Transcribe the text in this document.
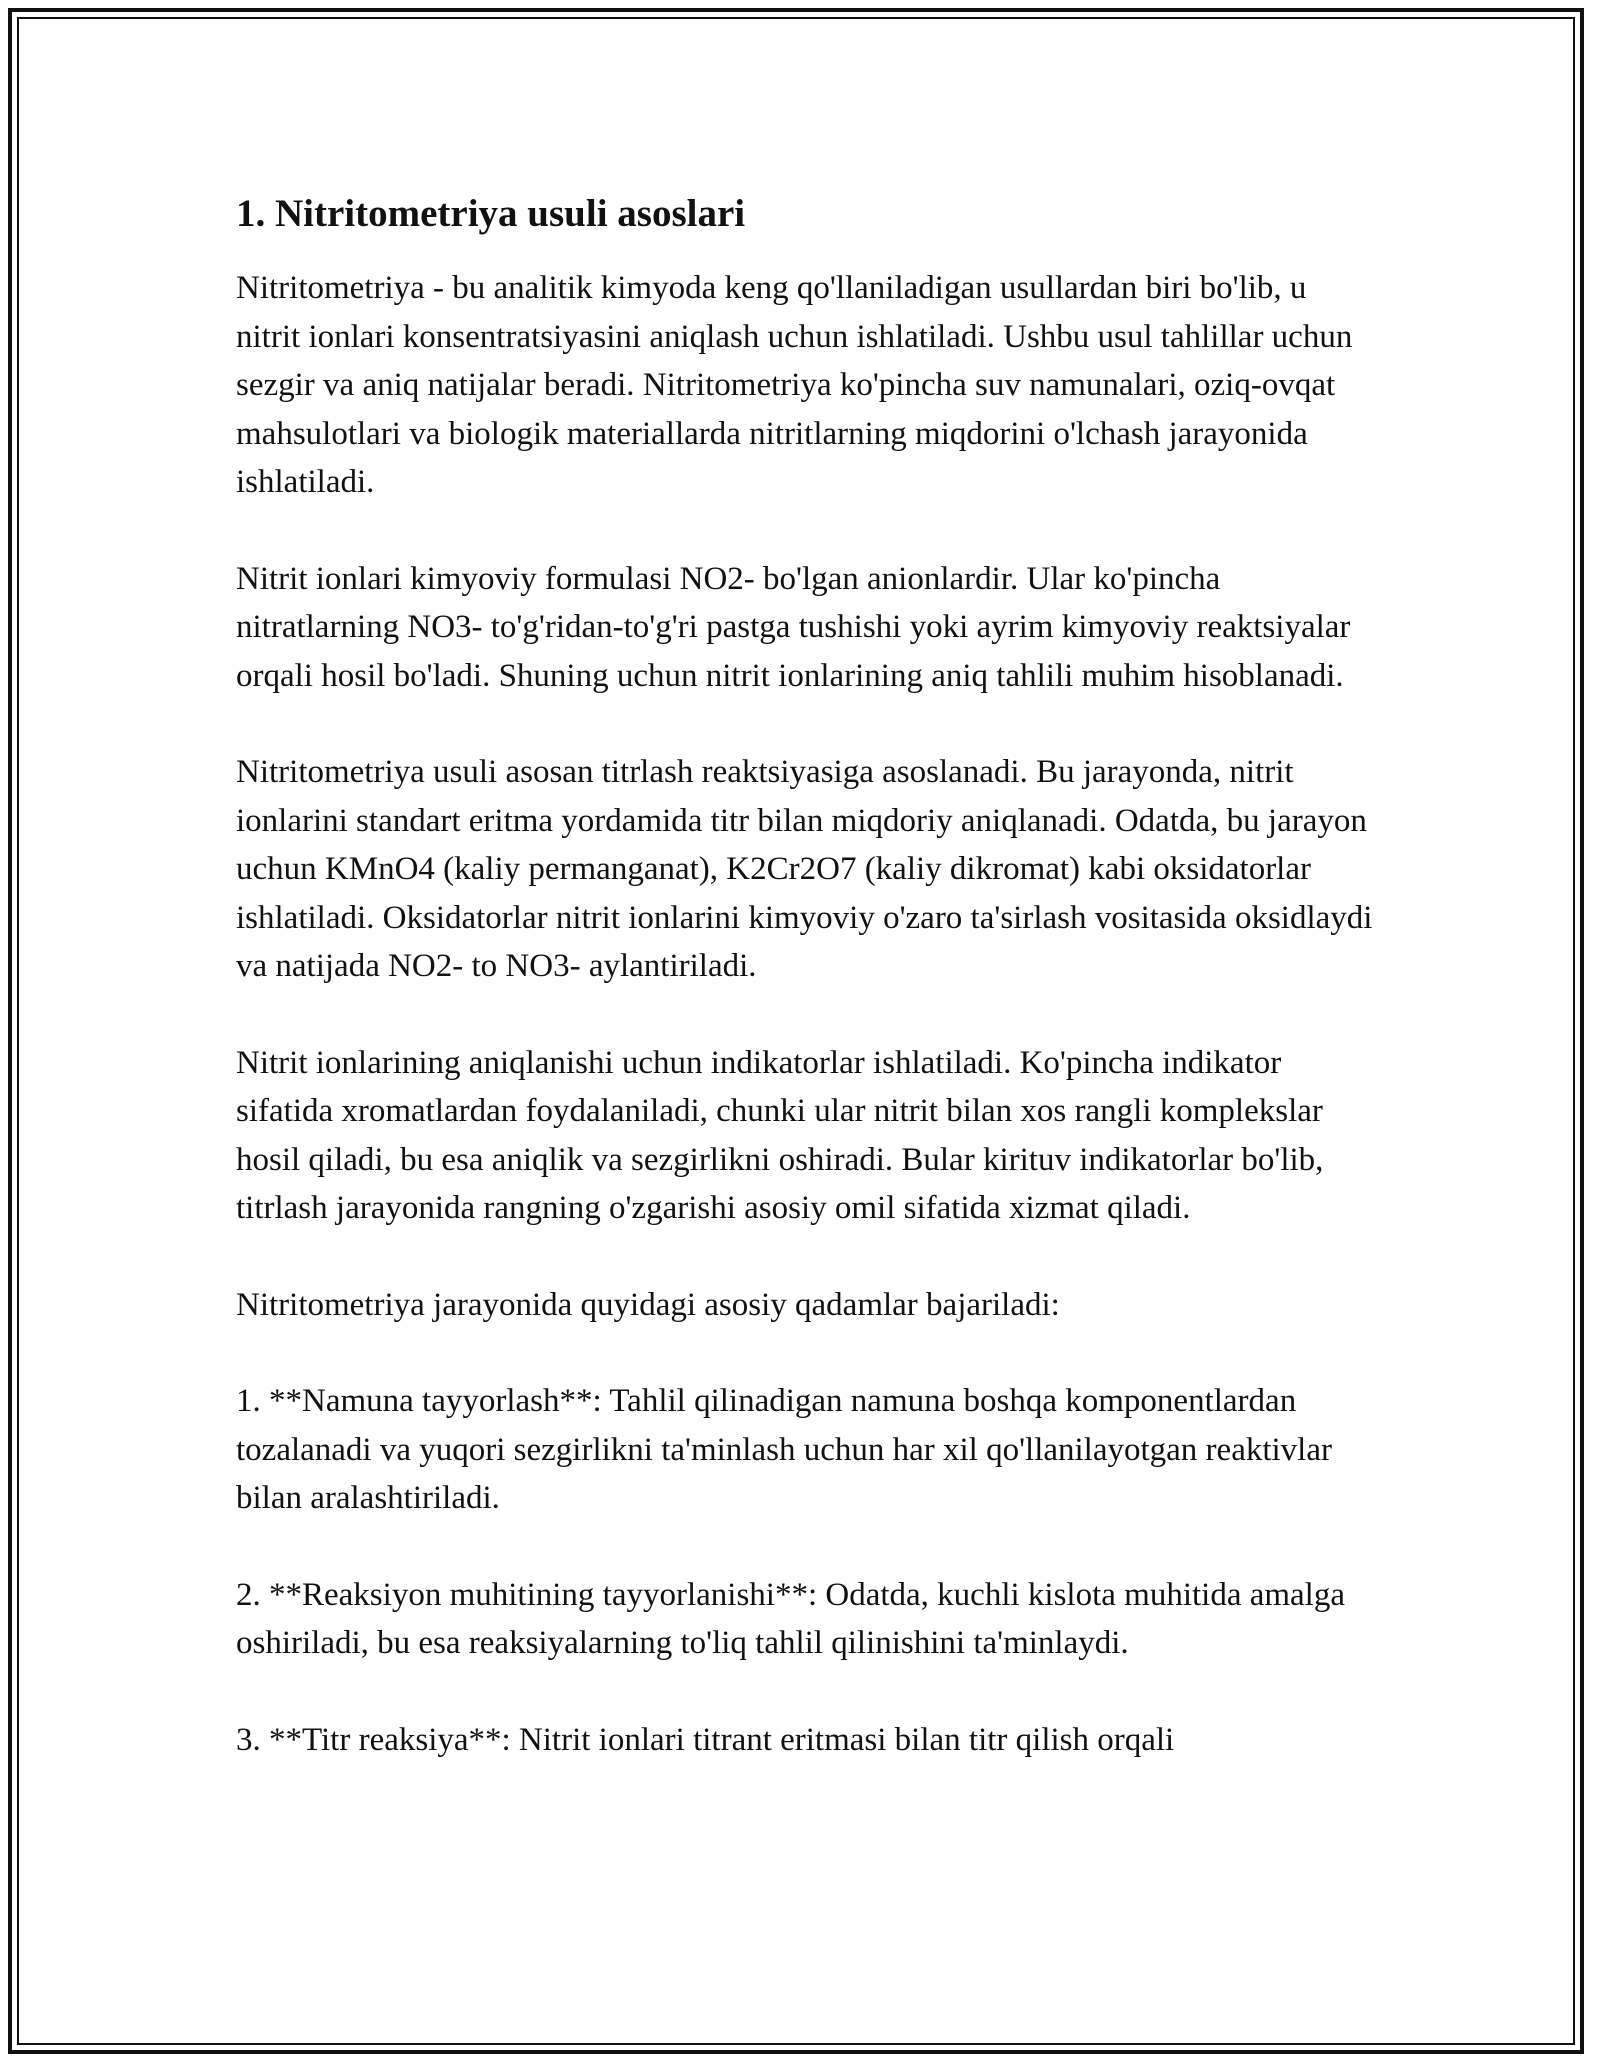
1. Nitritometriya usuli asoslari

Nitritometriya - bu analitik kimyoda keng qo'llaniladigan usullardan biri bo'lib, u nitrit ionlari konsentratsiyasini aniqlash uchun ishlatiladi. Ushbu usul tahlillar uchun sezgir va aniq natijalar beradi. Nitritometriya ko'pincha suv namunalari, oziq-ovqat mahsulotlari va biologik materiallarda nitritlarning miqdorini o'lchash jarayonida ishlatiladi.

Nitrit ionlari kimyoviy formulasi NO2- bo'lgan anionlardir. Ular ko'pincha nitratlarning NO3- to'g'ridan-to'g'ri pastga tushishi yoki ayrim kimyoviy reaktsiyalar orqali hosil bo'ladi. Shuning uchun nitrit ionlarining aniq tahlili muhim hisoblanadi.

Nitritometriya usuli asosan titrlash reaktsiyasiga asoslanadi. Bu jarayonda, nitrit ionlarini standart eritma yordamida titr bilan miqdoriy aniqlanadi. Odatda, bu jarayon uchun KMnO4 (kaliy permanganat), K2Cr2O7 (kaliy dikromat) kabi oksidatorlar ishlatiladi. Oksidatorlar nitrit ionlarini kimyoviy o'zaro ta'sirlash vositasida oksidlaydi va natijada NO2- to NO3- aylantiriladi.

Nitrit ionlarining aniqlanishi uchun indikatorlar ishlatiladi. Ko'pincha indikator sifatida xromatlardan foydalaniladi, chunki ular nitrit bilan xos rangli komplekslar hosil qiladi, bu esa aniqlik va sezgirlikni oshiradi. Bular kirituv indikatorlar bo'lib, titrlash jarayonida rangning o'zgarishi asosiy omil sifatida xizmat qiladi.

Nitritometriya jarayonida quyidagi asosiy qadamlar bajariladi:

1. **Namuna tayyorlash**: Tahlil qilinadigan namuna boshqa komponentlardan tozalanadi va yuqori sezgirlikni ta'minlash uchun har xil qo'llanilayotgan reaktivlar bilan aralashtiriladi.

2. **Reaksiyon muhitining tayyorlanishi**: Odatda, kuchli kislota muhitida amalga oshiriladi, bu esa reaksiyalarning to'liq tahlil qilinishini ta'minlaydi.

3. **Titr reaksiya**: Nitrit ionlari titrant eritmasi bilan titr qilish orqali
